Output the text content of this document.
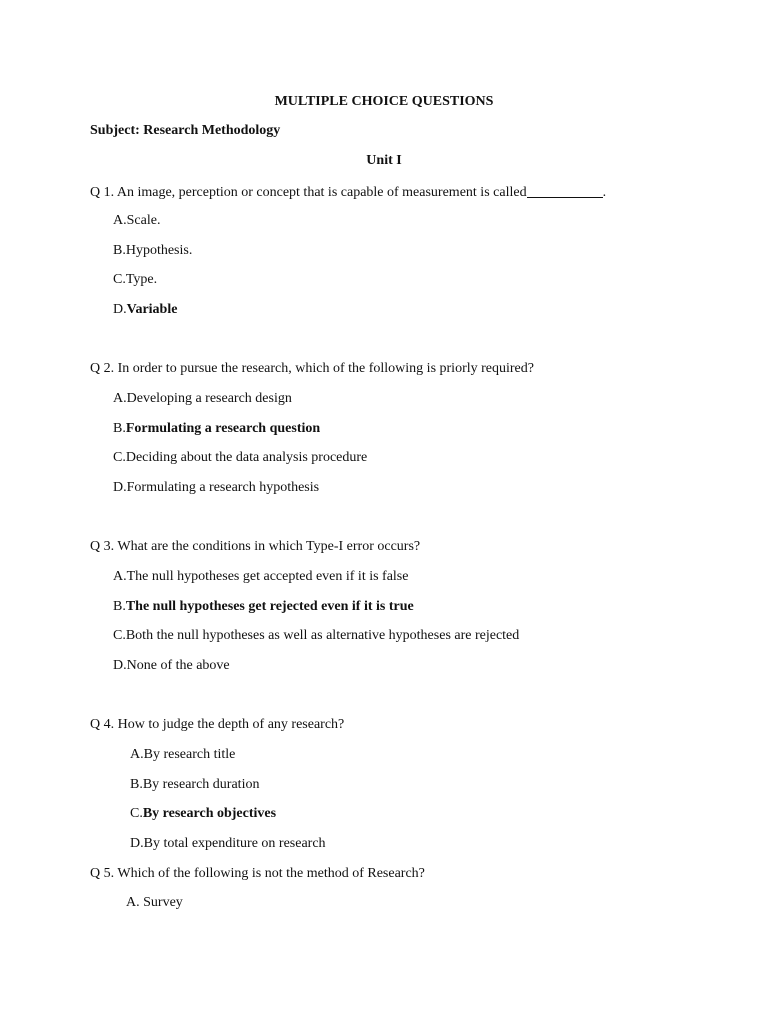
MULTIPLE CHOICE QUESTIONS
Subject: Research Methodology
Unit I
Q 1. An image, perception or concept that is capable of measurement is called	.
A.Scale.
B.Hypothesis.
C.Type.
D.Variable
Q 2. In order to pursue the research, which of the following is priorly required?
A.Developing a research design
B.Formulating a research question
C.Deciding about the data analysis procedure
D.Formulating a research hypothesis
Q 3. What are the conditions in which Type-I error occurs?
A.The null hypotheses get accepted even if it is false
B.The null hypotheses get rejected even if it is true
C.Both the null hypotheses as well as alternative hypotheses are rejected
D.None of the above
Q 4. How to judge the depth of any research?
A.By research title
B.By research duration
C.By research objectives
D.By total expenditure on research
Q 5. Which of the following is not the method of Research?
A. Survey
